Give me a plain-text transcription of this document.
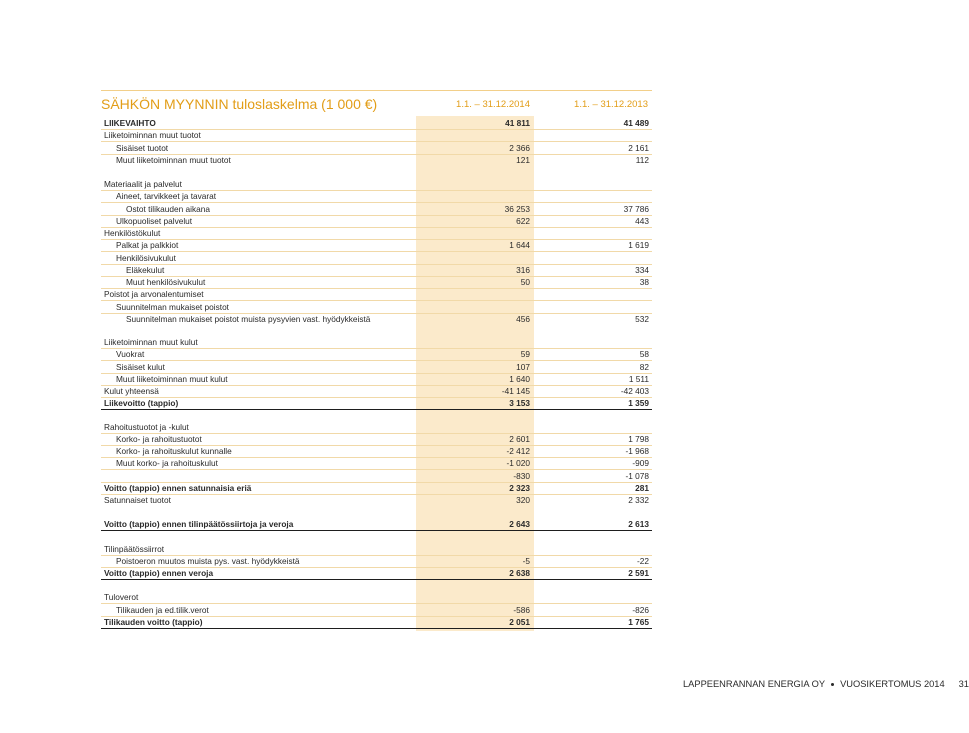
SÄHKÖN MYYNNIN tuloslaskelma (1 000 €)	1.1. – 31.12.2014	1.1. – 31.12.2013
LIIKEVAIHTO	41 811	41 489
Liiketoiminnan muut tuotot
Sisäiset tuotot	2 366	2 161
Muut liiketoiminnan muut tuotot	121	112
Materiaalit ja palvelut
Aineet, tarvikkeet ja tavarat
Ostot tilikauden aikana	36 253	37 786
Ulkopuoliset palvelut	622	443
Henkilöstökulut
Palkat ja palkkiot	1 644	1 619
Henkilösivukulut
Eläkekulut	316	334
Muut henkilösivukulut	50	38
Poistot ja arvonalentumiset
Suunnitelman mukaiset poistot
Suunnitelman mukaiset poistot muista pysyvien vast. hyödykkeistä	456	532
Liiketoiminnan muut kulut
Vuokrat	59	58
Sisäiset kulut	107	82
Muut liiketoiminnan muut kulut	1 640	1 511
Kulut yhteensä	-41 145	-42 403
Liikevoitto (tappio)	3 153	1 359
Rahoitustuotot ja -kulut
Korko- ja rahoitustuotot	2 601	1 798
Korko- ja rahoituskulut kunnalle	-2 412	-1 968
Muut korko- ja rahoituskulut	-1 020	-909
-830	-1 078
Voitto (tappio) ennen satunnaisia eriä	2 323	281
Satunnaiset tuotot	320	2 332
Voitto (tappio) ennen tilinpäätössiirtoja ja veroja	2 643	2 613
Tilinpäätössiirrot
Poistoeron muutos muista pys. vast. hyödykkeistä	-5	-22
Voitto (tappio) ennen veroja	2 638	2 591
Tuloverot
Tilikauden ja ed.tilik.verot	-586	-826
Tilikauden voitto (tappio)	2 051	1 765
LAPPEENRANNAN ENERGIA OY VUOSIKERTOMUS 2014 31
